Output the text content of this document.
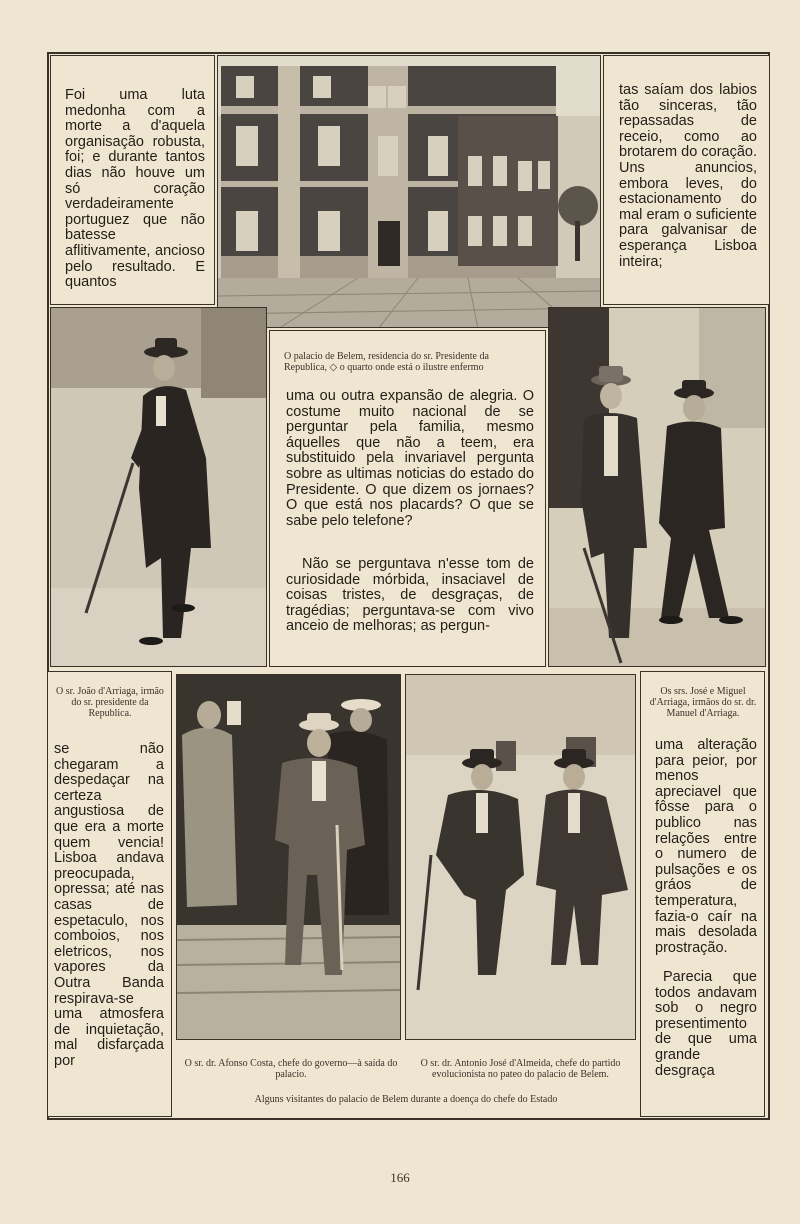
Foi uma luta medonha com a morte a d'aquela organisação robusta, foi; e durante tantos dias não houve um só coração verdadeiramente portuguez que não batesse aflitivamente, ancioso pelo resultado. E quantos
tas saíam dos labios tão sinceras, tão repassadas de receio, como ao brotarem do coração. Uns anuncios, embora leves, do estacionamento do mal eram o suficiente para galvanisar de esperança Lisboa inteira;
O palacio de Belem, residencia do sr. Presidente da Republica, ◇ o quarto onde está o ilustre enfermo
uma ou outra expansão de alegria. O costume muito nacional de se perguntar pela familia, mesmo áquelles que não a teem, era substituido pela invariavel pergunta sobre as ultimas noticias do estado do Presidente. O que dizem os jornaes? O que está nos placards? O que se sabe pelo telefone?
Não se perguntava n'esse tom de curiosidade mórbida, insaciavel de coisas tristes, de desgraças, de tragédias; perguntava-se com vivo anceio de melhoras; as pergun-
O sr. João d'Arriaga, irmão do sr. presidente da Republica.
se não chegaram a despedaçar na certeza angustiosa de que era a morte quem vencia! Lisboa andava preocupada, opressa; até nas casas de espetaculo, nos comboios, nos eletricos, nos vapores da Outra Banda respirava-se uma atmosfera de inquietação, mal disfarçada por
Os srs. José e Miguel d'Arriaga, irmãos do sr. dr. Manuel d'Arriaga.
uma alteração para peior, por menos apreciavel que fôsse para o publico nas relações entre o numero de pulsações e os gráos de temperatura, fazia-o caír na mais desolada prostração.
Parecia que todos andavam sob o negro presentimento de que uma grande desgraça
O sr. dr. Afonso Costa, chefe do governo—à saída do palacio.
O sr. dr. Antonio José d'Almeida, chefe do partido evolucionista no pateo do palacio de Belem.
Alguns visitantes do palacio de Belem durante a doença do chefe do Estado
166
